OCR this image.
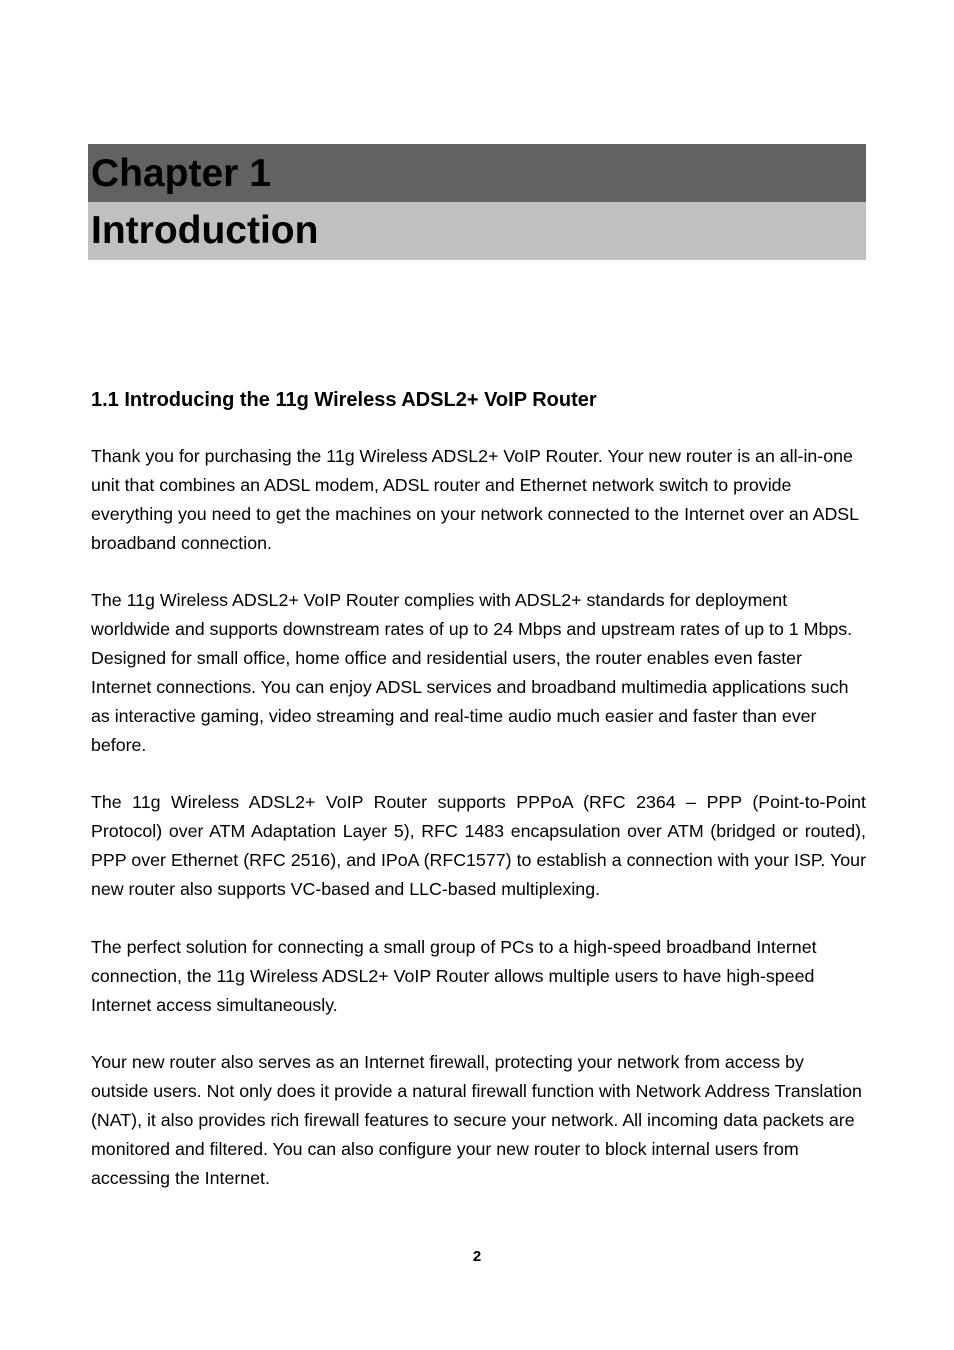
Chapter 1
Introduction
1.1 Introducing the 11g Wireless ADSL2+ VoIP Router

Thank you for purchasing the 11g Wireless ADSL2+ VoIP Router. Your new router is an all-in-one unit that combines an ADSL modem, ADSL router and Ethernet network switch to provide everything you need to get the machines on your network connected to the Internet over an ADSL broadband connection.

The 11g Wireless ADSL2+ VoIP Router complies with ADSL2+ standards for deployment worldwide and supports downstream rates of up to 24 Mbps and upstream rates of up to 1 Mbps. Designed for small office, home office and residential users, the router enables even faster Internet connections. You can enjoy ADSL services and broadband multimedia applications such as interactive gaming, video streaming and real-time audio much easier and faster than ever before.

The 11g Wireless ADSL2+ VoIP Router supports PPPoA (RFC 2364 – PPP (Point-to-Point Protocol) over ATM Adaptation Layer 5), RFC 1483 encapsulation over ATM (bridged or routed), PPP over Ethernet (RFC 2516), and IPoA (RFC1577) to establish a connection with your ISP. Your new router also supports VC-based and LLC-based multiplexing.

The perfect solution for connecting a small group of PCs to a high-speed broadband Internet connection, the 11g Wireless ADSL2+ VoIP Router allows multiple users to have high-speed Internet access simultaneously.

Your new router also serves as an Internet firewall, protecting your network from access by outside users. Not only does it provide a natural firewall function with Network Address Translation (NAT), it also provides rich firewall features to secure your network. All incoming data packets are monitored and filtered. You can also configure your new router to block internal users from accessing the Internet.

2
